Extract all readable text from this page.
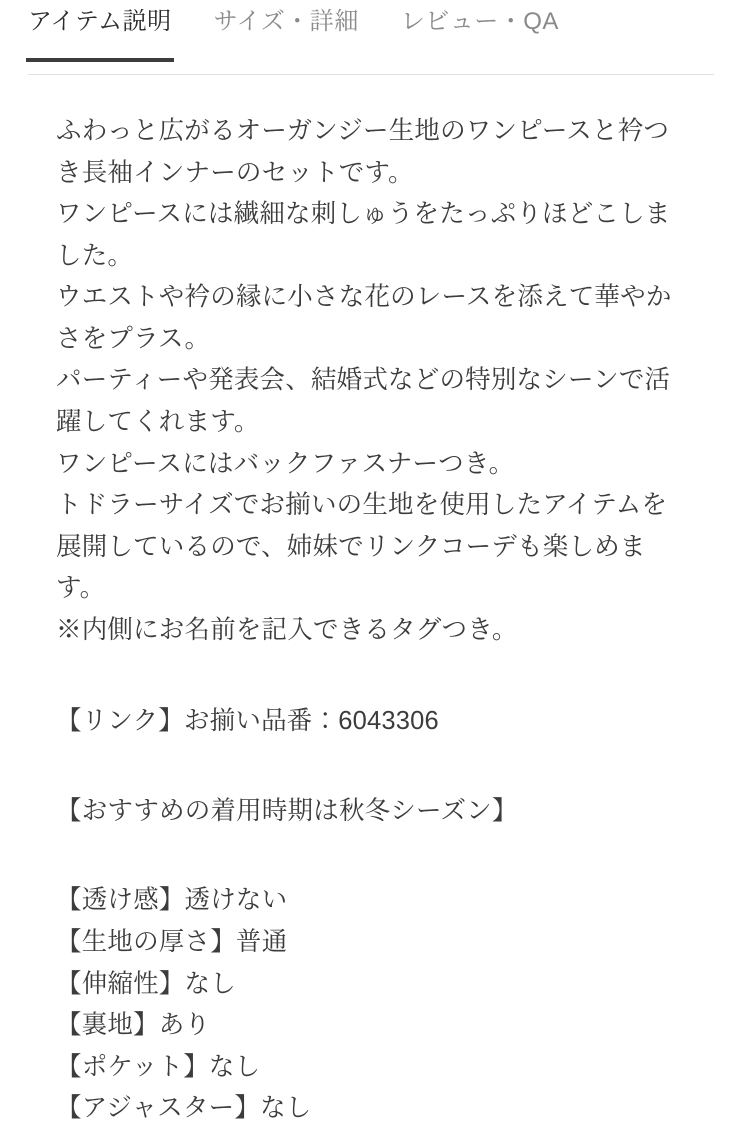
アイテム説明 サイズ・詳細 レビュー・QA

ふわっと広がるオーガンジー生地のワンピースと衿つき長袖インナーのセットです。

ワンピースには繊細な刺しゅうをたっぷりほどこしました。

ウエストや衿の縁に小さな花のレースを添えて華やかさをプラス。

パーティーや発表会、結婚式などの特別なシーンで活躍してくれます。

ワンピースにはバックファスナーつき。

トドラーサイズでお揃いの生地を使用したアイテムを展開しているので、姉妹でリンクコーデも楽しめます。

※内側にお名前を記入できるタグつき。

【リンク】お揃い品番：6043306

【おすすめの着用時期は秋冬シーズン】

【透け感】透けない

【生地の厚さ】普通

【伸縮性】なし

【裏地】あり

【ポケット】なし

【アジャスター】なし
